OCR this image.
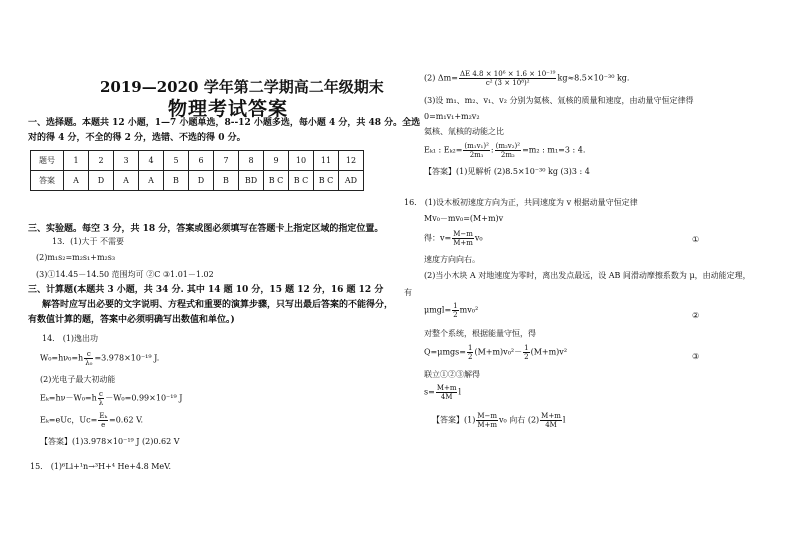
2019—2020 学年第二学期高二年级期末
物理考试答案
一、选择题。本题共 12 小题，1—7 小题单选，8--12 小题多选，每小题 4 分，共 48 分。全选
对的得 4 分，不全的得 2 分，选错、不选的得 0 分。
题号	1	2	3	4	5	6	7	8	9	10	11	12
答案	A	D	A	A	B	D	B	BD	B C	B C	B C	AD
三、实验题。每空 3 分，共 18 分，答案或图必须填写在答题卡上指定区域的指定位置。
13．(1)大于 不需要
(2)m₁s₂=m₂s₁+m₂s₃
(3)①14.45－14.50 范围均可 ②C ③1.01－1.02
三、计算题(本题共 3 小题，共 34 分. 其中 14 题 10 分，15 题 12 分，16 题 12 分
解答时应写出必要的文字说明、方程式和重要的演算步骤，只写出最后答案的不能得分，
有数值计算的题，答案中必须明确写出数值和单位。)
14． (1)逸出功
$W_0=h\nu_0=h \frac{c}{\text{λ₀}} =3.978\times 10^{-19}$ J.
(2)光电子最大初动能
$E_k=h\nu-W_0=h \frac{c}{\lambda} -W_0=0.99\times 10^{-19}$ J
Eₖ=eUc，$Uc= \frac{\text{Eₖ}}{e} =0.62$ V.
【答案】(1)3.978×10⁻¹⁹ J (2)0.62 V
15． (1)⁶Li+¹n→³H+⁴ He+4.8 MeV.
(2) $\Delta m= \frac{\text{ΔE 4.8 × 10⁶ × 1.6 × 10⁻¹⁹}}{\text{c² (3 × 10⁸)²}} kg\approx 8.5\times 10^{-30}$ kg.
(3)设 m₁、m₂、v₁、v₂ 分别为氦核、氚核的质量和速度，由动量守恒定律得
0=m₁v₁+m₂v₂
氦核、氚核的动能之比
Eₖ₁ : $E_{k2}= \frac{\text{(m₁v₁)²}}{\text{2m₁}}$ : $\frac{\text{(m₂v₂)²}}{\text{2m₂}} =m_2$ : m₁=3 : 4.
【答案】(1)见解析 (2)8.5×10⁻³⁰ kg (3)3 : 4
16． (1)设木板初速度方向为正，共同速度为 v 根据动量守恒定律
Mv₀－mv₀=(M+m)v
得：$v= \frac{M-m}{M+m} v_0$	①
速度方向向右。
(2)当小木块 A 对地速度为零时，离出发点最远，设 AB 间滑动摩擦系数为 μ，由动能定理，
有
$\mu mgl= \frac{1}{2} mv_0^2$
②
对整个系统，根据能量守恒，得
$Q=\mu mgs= \frac{1}{2} (M+m)v_0^2- \frac{1}{2} (M+m)v^2$	③
联立①②③解得
$s= \frac{M+m}{4M}$ l
【答案】$(1) \frac{M-m}{M+m} v_0$ 向右 $(2) \frac{M+m}{4M}$ l
